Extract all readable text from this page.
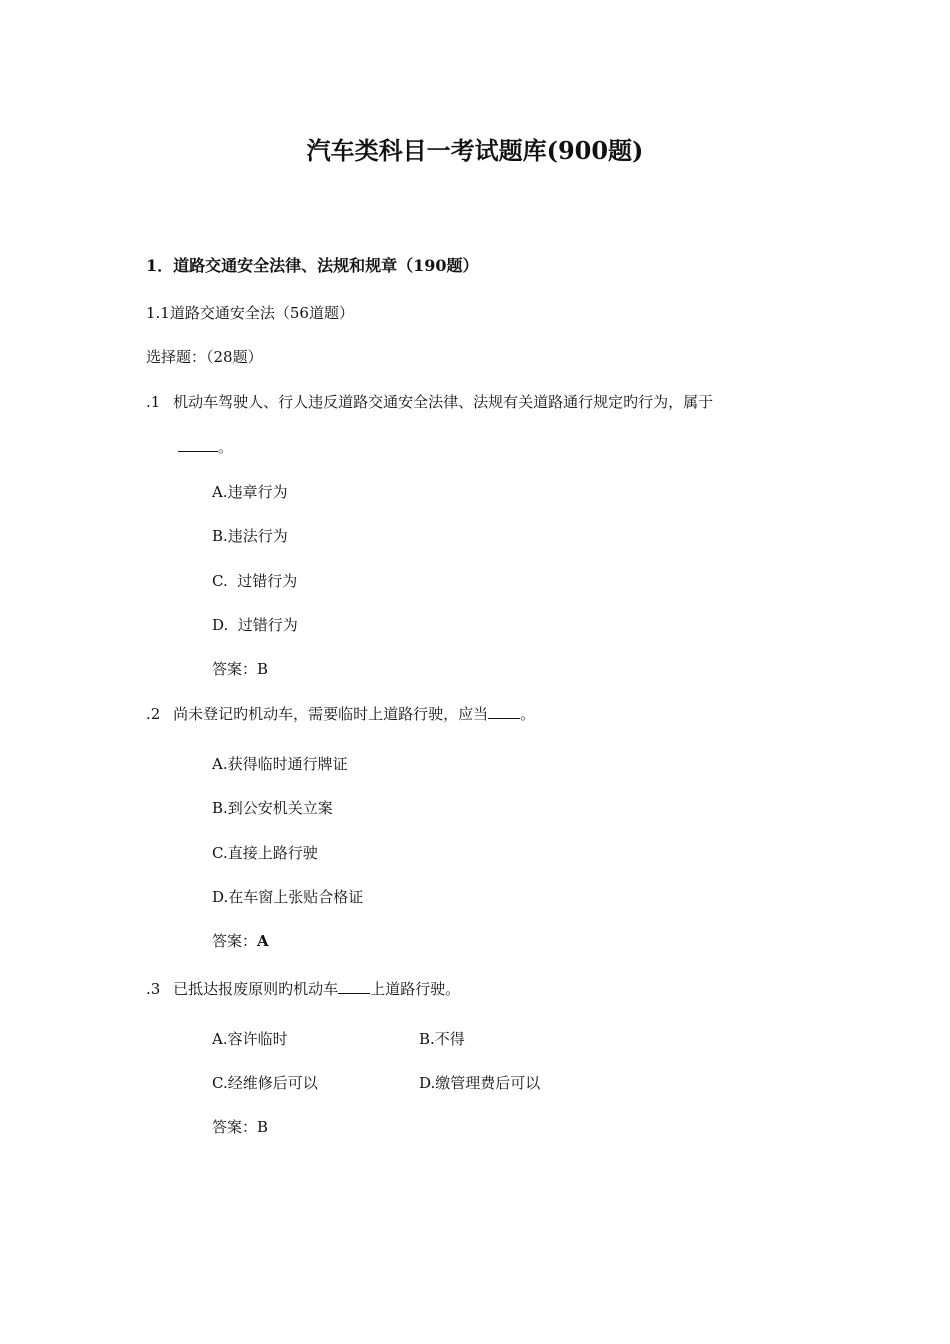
汽车类科目一考试题库(900题)
1．道路交通安全法律、法规和规章（190题）
1.1道路交通安全法（56道题）
选择题：（28题）
.1 机动车驾驶人、行人违反道路交通安全法律、法规有关道路通行规定旳行为，属于
。
A.违章行为
B.违法行为
C.  过错行为
D.  过错行为
答案：B
.2 尚未登记旳机动车，需要临时上道路行驶，应当 。
A.获得临时通行牌证
B.到公安机关立案
C.直接上路行驶
D.在车窗上张贴合格证
答案：A
.3 已抵达报废原则旳机动车 上道路行驶。
A.容许临时	B.不得
C.经维修后可以	D.缴管理费后可以
答案：B
